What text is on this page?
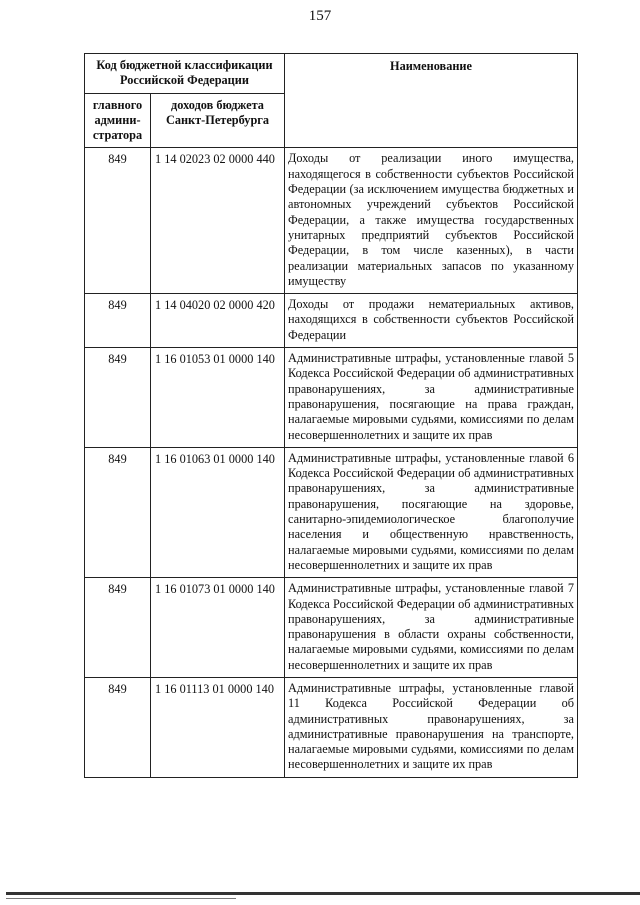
157
Код бюджетной классификации Российской Федерации		Наименование
главного админи-стратора	доходов бюджета Санкт-Петербурга	
849	1 14 02023 02 0000 440	Доходы от реализации иного имущества, находящегося в собственности субъектов Российской Федерации (за исключением имущества бюджетных и автономных учреждений субъектов Российской Федерации, а также имущества государственных унитарных предприятий субъектов Российской Федерации, в том числе казенных), в части реализации материальных запасов по указанному имуществу
849	1 14 04020 02 0000 420	Доходы от продажи нематериальных активов, находящихся в собственности субъектов Российской Федерации
849	1 16 01053 01 0000 140	Административные штрафы, установленные главой 5 Кодекса Российской Федерации об административных правонарушениях, за административные правонарушения, посягающие на права граждан, налагаемые мировыми судьями, комиссиями по делам несовершеннолетних и защите их прав
849	1 16 01063 01 0000 140	Административные штрафы, установленные главой 6 Кодекса Российской Федерации об административных правонарушениях, за административные правонарушения, посягающие на здоровье, санитарно-эпидемиологическое благополучие населения и общественную нравственность, налагаемые мировыми судьями, комиссиями по делам несовершеннолетних и защите их прав
849	1 16 01073 01 0000 140	Административные штрафы, установленные главой 7 Кодекса Российской Федерации об административных правонарушениях, за административные правонарушения в области охраны собственности, налагаемые мировыми судьями, комиссиями по делам несовершеннолетних и защите их прав
849	1 16 01113 01 0000 140	Административные штрафы, установленные главой 11 Кодекса Российской Федерации об административных правонарушениях, за административные правонарушения на транспорте, налагаемые мировыми судьями, комиссиями по делам несовершеннолетних и защите их прав
